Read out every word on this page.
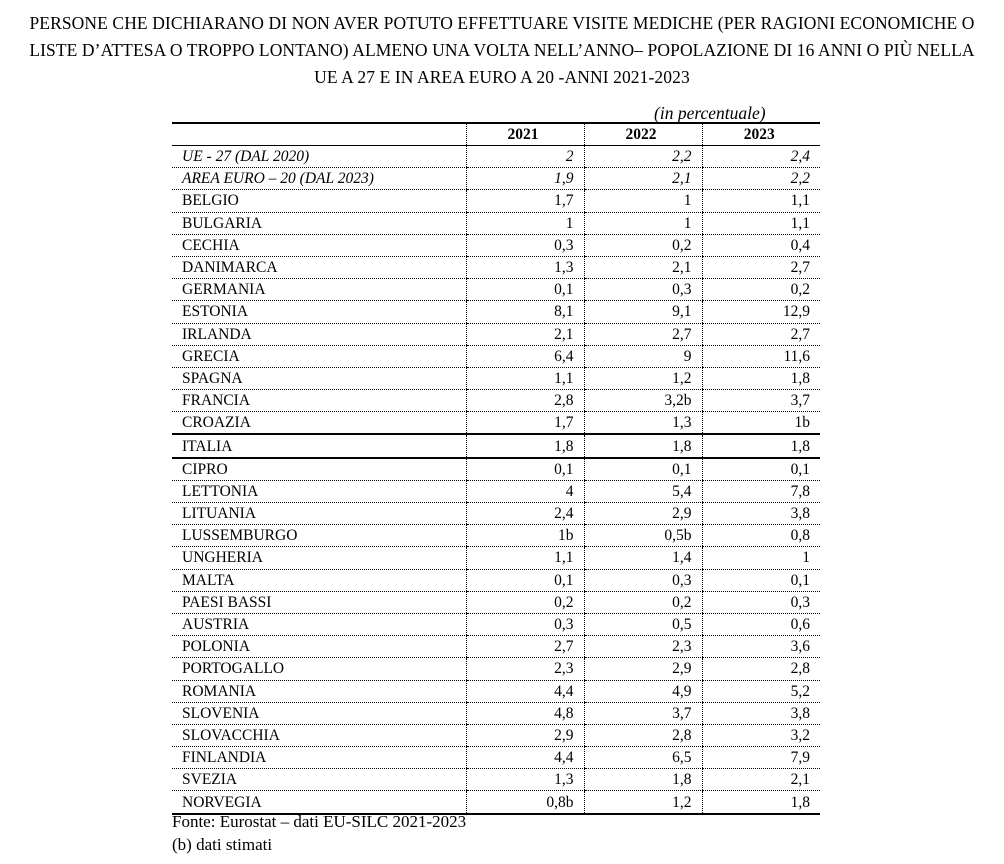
PERSONE CHE DICHIARANO DI NON AVER POTUTO EFFETTUARE VISITE MEDICHE (PER RAGIONI ECONOMICHE O
LISTE D’ATTESA O TROPPO LONTANO) ALMENO UNA VOLTA NELL’ANNO– POPOLAZIONE DI 16 ANNI O PIÙ NELLA
UE A 27 E IN AREA EURO A 20 -ANNI 2021-2023
(in percentuale)
	2021	2022	2023
UE - 27 (DAL 2020)	2	2,2	2,4
AREA EURO – 20 (DAL 2023)	1,9	2,1	2,2
BELGIO	1,7	1	1,1
BULGARIA	1	1	1,1
CECHIA	0,3	0,2	0,4
DANIMARCA	1,3	2,1	2,7
GERMANIA	0,1	0,3	0,2
ESTONIA	8,1	9,1	12,9
IRLANDA	2,1	2,7	2,7
GRECIA	6,4	9	11,6
SPAGNA	1,1	1,2	1,8
FRANCIA	2,8	3,2b	3,7
CROAZIA	1,7	1,3	1b
ITALIA	1,8	1,8	1,8
CIPRO	0,1	0,1	0,1
LETTONIA	4	5,4	7,8
LITUANIA	2,4	2,9	3,8
LUSSEMBURGO	1b	0,5b	0,8
UNGHERIA	1,1	1,4	1
MALTA	0,1	0,3	0,1
PAESI BASSI	0,2	0,2	0,3
AUSTRIA	0,3	0,5	0,6
POLONIA	2,7	2,3	3,6
PORTOGALLO	2,3	2,9	2,8
ROMANIA	4,4	4,9	5,2
SLOVENIA	4,8	3,7	3,8
SLOVACCHIA	2,9	2,8	3,2
FINLANDIA	4,4	6,5	7,9
SVEZIA	1,3	1,8	2,1
NORVEGIA	0,8b	1,2	1,8
Fonte: Eurostat – dati EU-SILC 2021-2023
(b) dati stimati
